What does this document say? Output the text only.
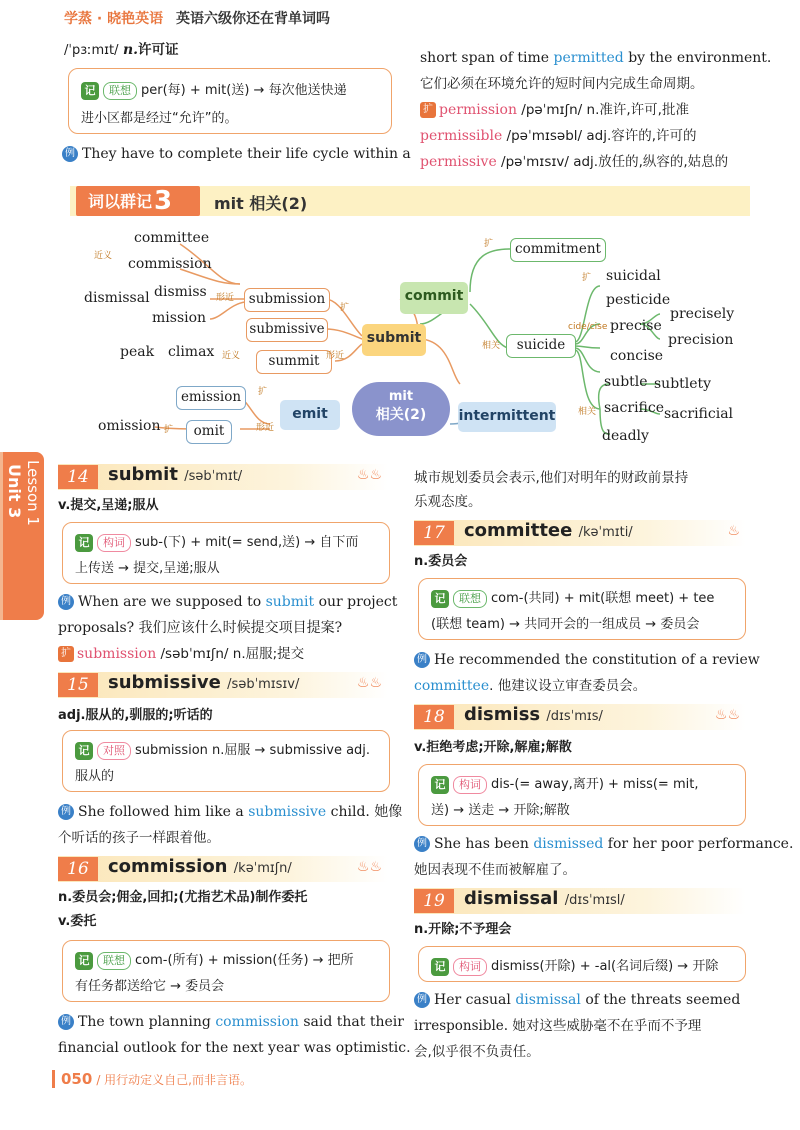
学蒸 · 晓艳英语 英语六级你还在背单词吗
/ˈpɜːmɪt/ n.许可证
记 联想 per(每) + mit(送) → 每次他送快递
进小区都是经过“允许”的。
例 They have to complete their life cycle within a
short span of time permitted by the environment.
它们必须在环境允许的短时间内完成生命周期。
扩 permission /pəˈmɪʃn/ n.准许,许可,批准
permissible /pəˈmɪsəbl/ adj.容许的,许可的
permissive /pəˈmɪsɪv/ adj.放任的,纵容的,姑息的
词以群记3	mit 相关(2)
近义
committee
commission
dismissal dismiss
mission
形近	submission
submissive
扩
peak climax 近义	summit 形近
submit
commit
扩	commitment
相关	suicide
扩 suicidal
cide/cise
pesticide
precise
precisely
precision
concise
相关
subtle subtlety
sacrifice sacrificial
deadly
mit
相关(2)	intermittent
emit
扩
emission
形近
omit
扩
omission
Unit 3 Lesson 1	14	submit /səbˈmɪt/	♨♨
v.提交,呈递;服从
记 构词 sub-(下) + mit(= send,送) → 自下而
上传送 → 提交,呈递;服从
例 When are we supposed to submit our project
proposals? 我们应该什么时候提交项目提案?
扩 submission /səbˈmɪʃn/ n.屈服;提交
15	submissive /səbˈmɪsɪv/	♨♨
adj.服从的,驯服的;听话的
记 对照 submission n.屈服 → submissive adj.
服从的
例 She followed him like a submissive child. 她像
个听话的孩子一样跟着他。
16	commission /kəˈmɪʃn/	♨♨
n.委员会;佣金,回扣;(尤指艺术品)制作委托
v.委托
记 联想 com-(所有) + mission(任务) → 把所
有任务都送给它 → 委员会
例 The town planning commission said that their
financial outlook for the next year was optimistic.
城市规划委员会表示,他们对明年的财政前景持
乐观态度。
17	committee /kəˈmɪti/	♨
n.委员会
记 联想 com-(共同) + mit(联想 meet) + tee
(联想 team) → 共同开会的一组成员 → 委员会
例 He recommended the constitution of a review
committee. 他建议设立审查委员会。
18	dismiss /dɪsˈmɪs/	♨♨
v.拒绝考虑;开除,解雇;解散
记 构词 dis-(= away,离开) + miss(= mit,
送) → 送走 → 开除;解散
例 She has been dismissed for her poor performance.
她因表现不佳而被解雇了。
19	dismissal /dɪsˈmɪsl/
n.开除;不予理会
记 构词 dismiss(开除) + -al(名词后缀) → 开除
例 Her casual dismissal of the threats seemed
irresponsible. 她对这些威胁毫不在乎而不予理
会,似乎很不负责任。
050 / 用行动定义自己,而非言语。
